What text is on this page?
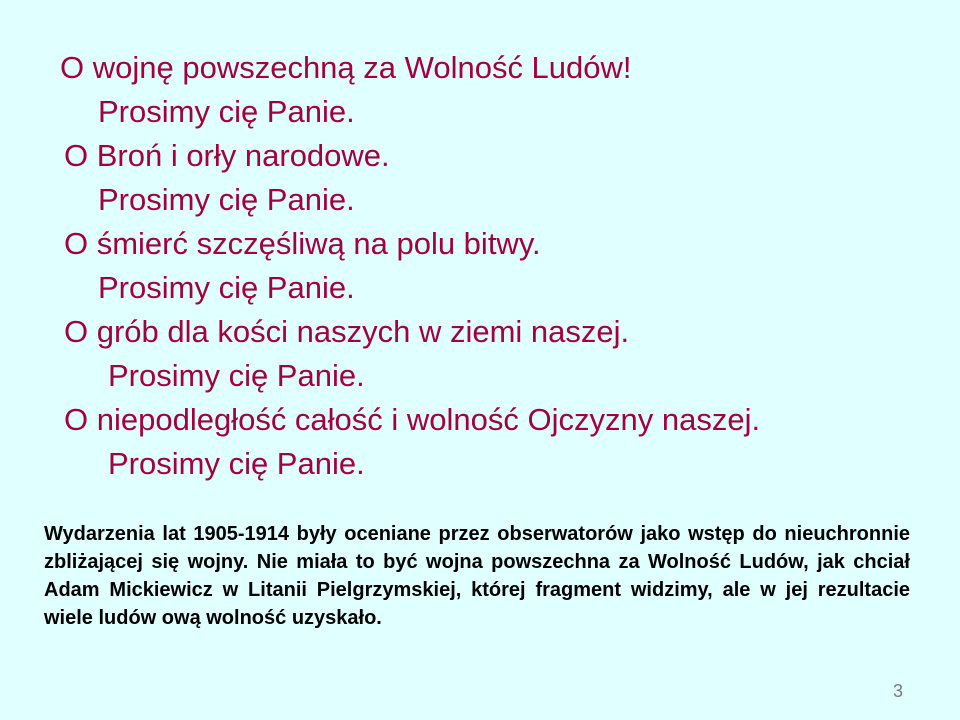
O wojnę powszechną za Wolność Ludów!
Prosimy cię Panie.
O Broń i orły narodowe.
Prosimy cię Panie.
O śmierć szczęśliwą na polu bitwy.
Prosimy cię Panie.
O grób dla kości naszych w ziemi naszej.
Prosimy cię Panie.
O niepodległość całość i wolność Ojczyzny naszej.
Prosimy cię Panie.

Wydarzenia lat 1905-1914 były oceniane przez obserwatorów jako wstęp do nieuchronnie zbliżającej się wojny. Nie miała to być wojna powszechna za Wolność Ludów, jak chciał Adam Mickiewicz w Litanii Pielgrzymskiej, której fragment widzimy, ale w jej rezultacie wiele ludów ową wolność uzyskało.

3
